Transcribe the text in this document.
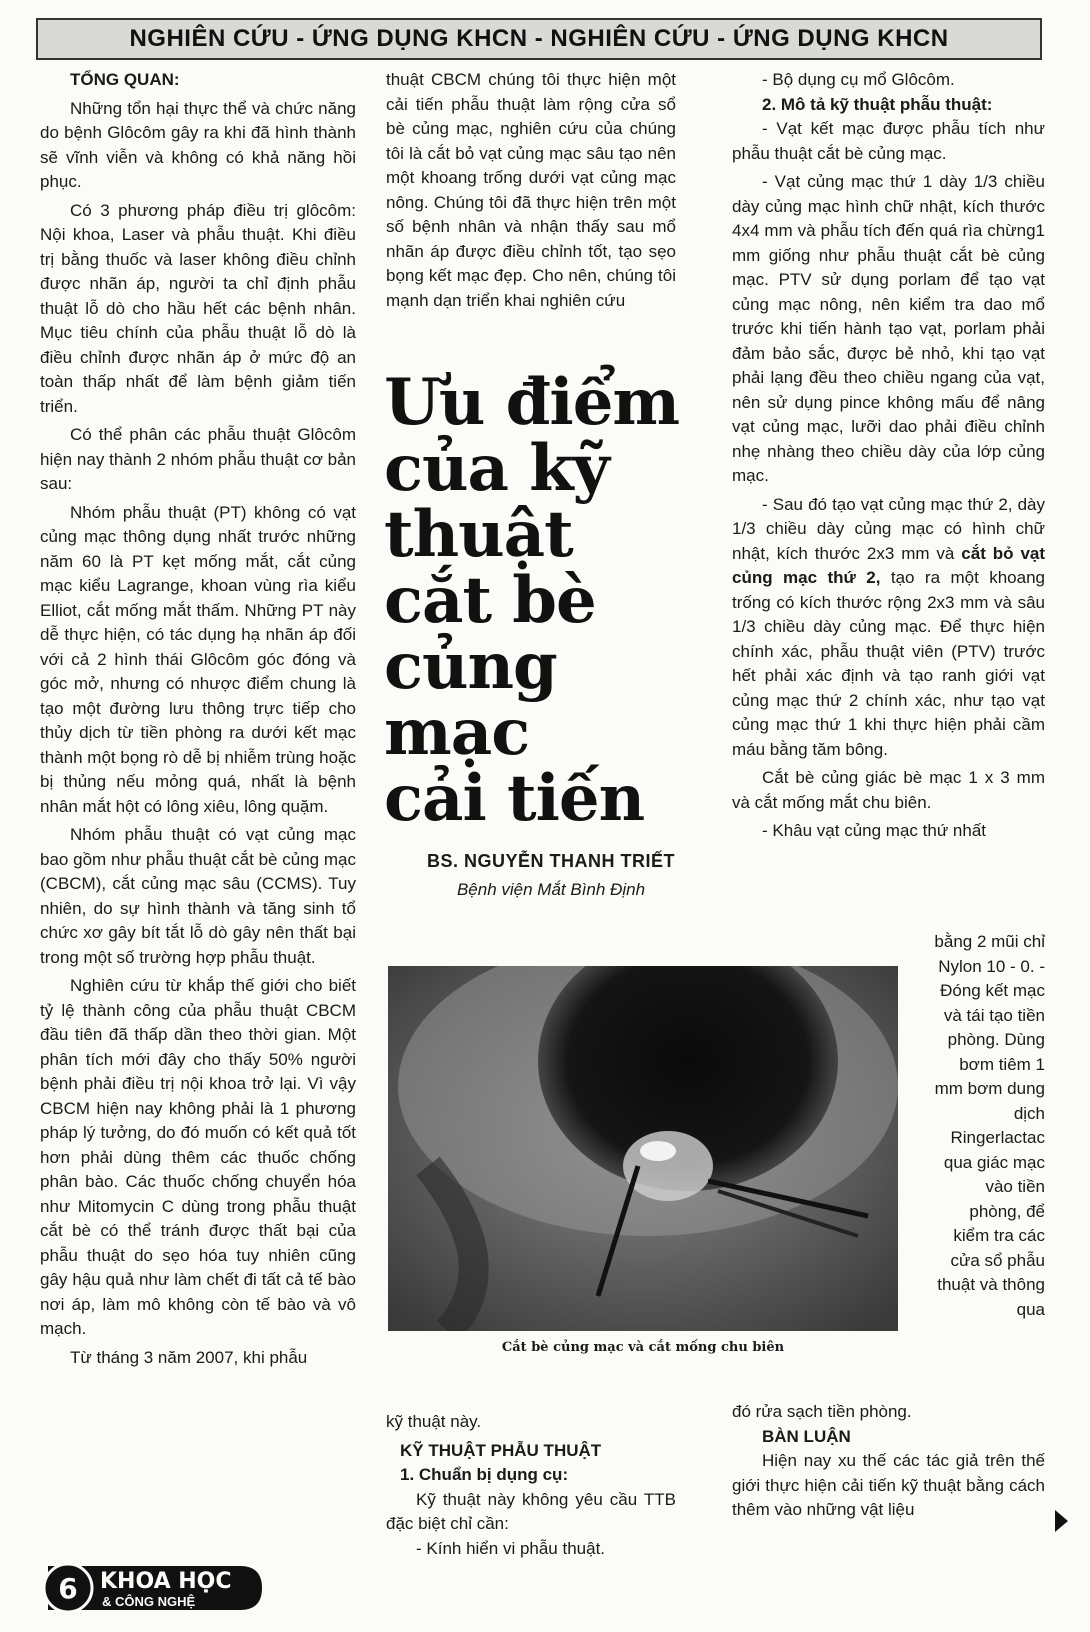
NGHIÊN CỨU - ỨNG DỤNG KHCN - NGHIÊN CỨU - ỨNG DỤNG KHCN

TỔNG QUAN:

Những tổn hại thực thể và chức năng do bệnh Glôcôm gây ra khi đã hình thành sẽ vĩnh viễn và không có khả năng hồi phục.

Có 3 phương pháp điều trị glôcôm: Nội khoa, Laser và phẫu thuật. Khi điều trị bằng thuốc và laser không điều chỉnh được nhãn áp, người ta chỉ định phẫu thuật lỗ dò cho hầu hết các bệnh nhân. Mục tiêu chính của phẫu thuật lỗ dò là điều chỉnh được nhãn áp ở mức độ an toàn thấp nhất để làm bệnh giảm tiến triển.

Có thể phân các phẫu thuật Glôcôm hiện nay thành 2 nhóm phẫu thuật cơ bản sau:

Nhóm phẫu thuật (PT) không có vạt củng mạc thông dụng nhất trước những năm 60 là PT kẹt mống mắt, cắt củng mạc kiểu Lagrange, khoan vùng rìa kiểu Elliot, cắt mống mắt thấm. Những PT này dễ thực hiện, có tác dụng hạ nhãn áp đối với cả 2 hình thái Glôcôm góc đóng và góc mở, nhưng có nhược điểm chung là tạo một đường lưu thông trực tiếp cho thủy dịch từ tiền phòng ra dưới kết mạc thành một bọng rò dễ bị nhiễm trùng hoặc bị thủng nếu mỏng quá, nhất là bệnh nhân mắt hột có lông xiêu, lông quặm.

Nhóm phẫu thuật có vạt củng mạc bao gồm như phẫu thuật cắt bè củng mạc (CBCM), cắt củng mạc sâu (CCMS). Tuy nhiên, do sự hình thành và tăng sinh tổ chức xơ gây bít tắt lỗ dò gây nên thất bại trong một số trường hợp phẫu thuật.

Nghiên cứu từ khắp thế giới cho biết tỷ lệ thành công của phẫu thuật CBCM đầu tiên đã thấp dần theo thời gian. Một phân tích mới đây cho thấy 50% người bệnh phải điều trị nội khoa trở lại. Vì vậy CBCM hiện nay không phải là 1 phương pháp lý tưởng, do đó muốn có kết quả tốt hơn phải dùng thêm các thuốc chống phân bào. Các thuốc chống chuyển hóa như Mitomycin C dùng trong phẫu thuật cắt bè có thể tránh được thất bại của phẫu thuật do sẹo hóa tuy nhiên cũng gây hậu quả như làm chết đi tất cả tế bào nơi áp, làm mô không còn tế bào và vô mạch.

Từ tháng 3 năm 2007, khi phẫu

thuật CBCM chúng tôi thực hiện một cải tiến phẫu thuật làm rộng cửa sổ bè củng mạc, nghiên cứu của chúng tôi là cắt bỏ vạt củng mạc sâu tạo nên một khoang trống dưới vạt củng mạc nông. Chúng tôi đã thực hiện trên một số bệnh nhân và nhận thấy sau mổ nhãn áp được điều chỉnh tốt, tạo sẹo bọng kết mạc đẹp. Cho nên, chúng tôi mạnh dạn triển khai nghiên cứu

Ưu điểm
của kỹ
thuật
cắt bè
củng
mạc
cải tiến
BS. NGUYỄN THANH TRIẾT
Bệnh viện Mắt Bình Định
Cắt bè củng mạc và cắt mống chu biên

kỹ thuật này.

KỸ THUẬT PHẪU THUẬT

1. Chuẩn bị dụng cụ:

Kỹ thuật này không yêu cầu TTB đặc biệt chỉ cần:

- Kính hiển vi phẫu thuật.

- Bộ dụng cụ mổ Glôcôm.

2. Mô tả kỹ thuật phẫu thuật:

- Vạt kết mạc được phẫu tích như phẫu thuật cắt bè củng mạc.

- Vạt củng mạc thứ 1 dày 1/3 chiều dày củng mạc hình chữ nhật, kích thước 4x4 mm và phẫu tích đến quá rìa chừng1 mm giống như phẫu thuật cắt bè củng mạc. PTV sử dụng porlam để tạo vạt củng mạc nông, nên kiểm tra dao mổ trước khi tiến hành tạo vạt, porlam phải đảm bảo sắc, được bẻ nhỏ, khi tạo vạt phải lạng đều theo chiều ngang của vạt, nên sử dụng pince không mấu để nâng vạt củng mạc, lưỡi dao phải điều chỉnh nhẹ nhàng theo chiều dày của lớp củng mạc.

- Sau đó tạo vạt củng mạc thứ 2, dày 1/3 chiều dày củng mạc có hình chữ nhật, kích thước 2x3 mm và cắt bỏ vạt củng mạc thứ 2, tạo ra một khoang trống có kích thước rộng 2x3 mm và sâu 1/3 chiều dày củng mạc. Để thực hiện chính xác, phẫu thuật viên (PTV) trước hết phải xác định và tạo ranh giới vạt củng mạc thứ 2 chính xác, như tạo vạt củng mạc thứ 1 khi thực hiện phải cầm máu bằng tăm bông.

Cắt bè củng giác bè mạc 1 x 3 mm và cắt mống mắt chu biên.

- Khâu vạt củng mạc thứ nhất

bằng 2 mũi chỉ Nylon 10 - 0. - Đóng kết mạc và tái tạo tiền phòng. Dùng bơm tiêm 1 mm bơm dung dịch Ringerlactac qua giác mạc vào tiền phòng, để kiểm tra các cửa sổ phẫu thuật và thông qua

đó rửa sạch tiền phòng.

BÀN LUẬN

Hiện nay xu thế các tác giả trên thế giới thực hiện cải tiến kỹ thuật bằng cách thêm vào những vật liệu

6 KHOA HỌC
& CÔNG NGHỆ
